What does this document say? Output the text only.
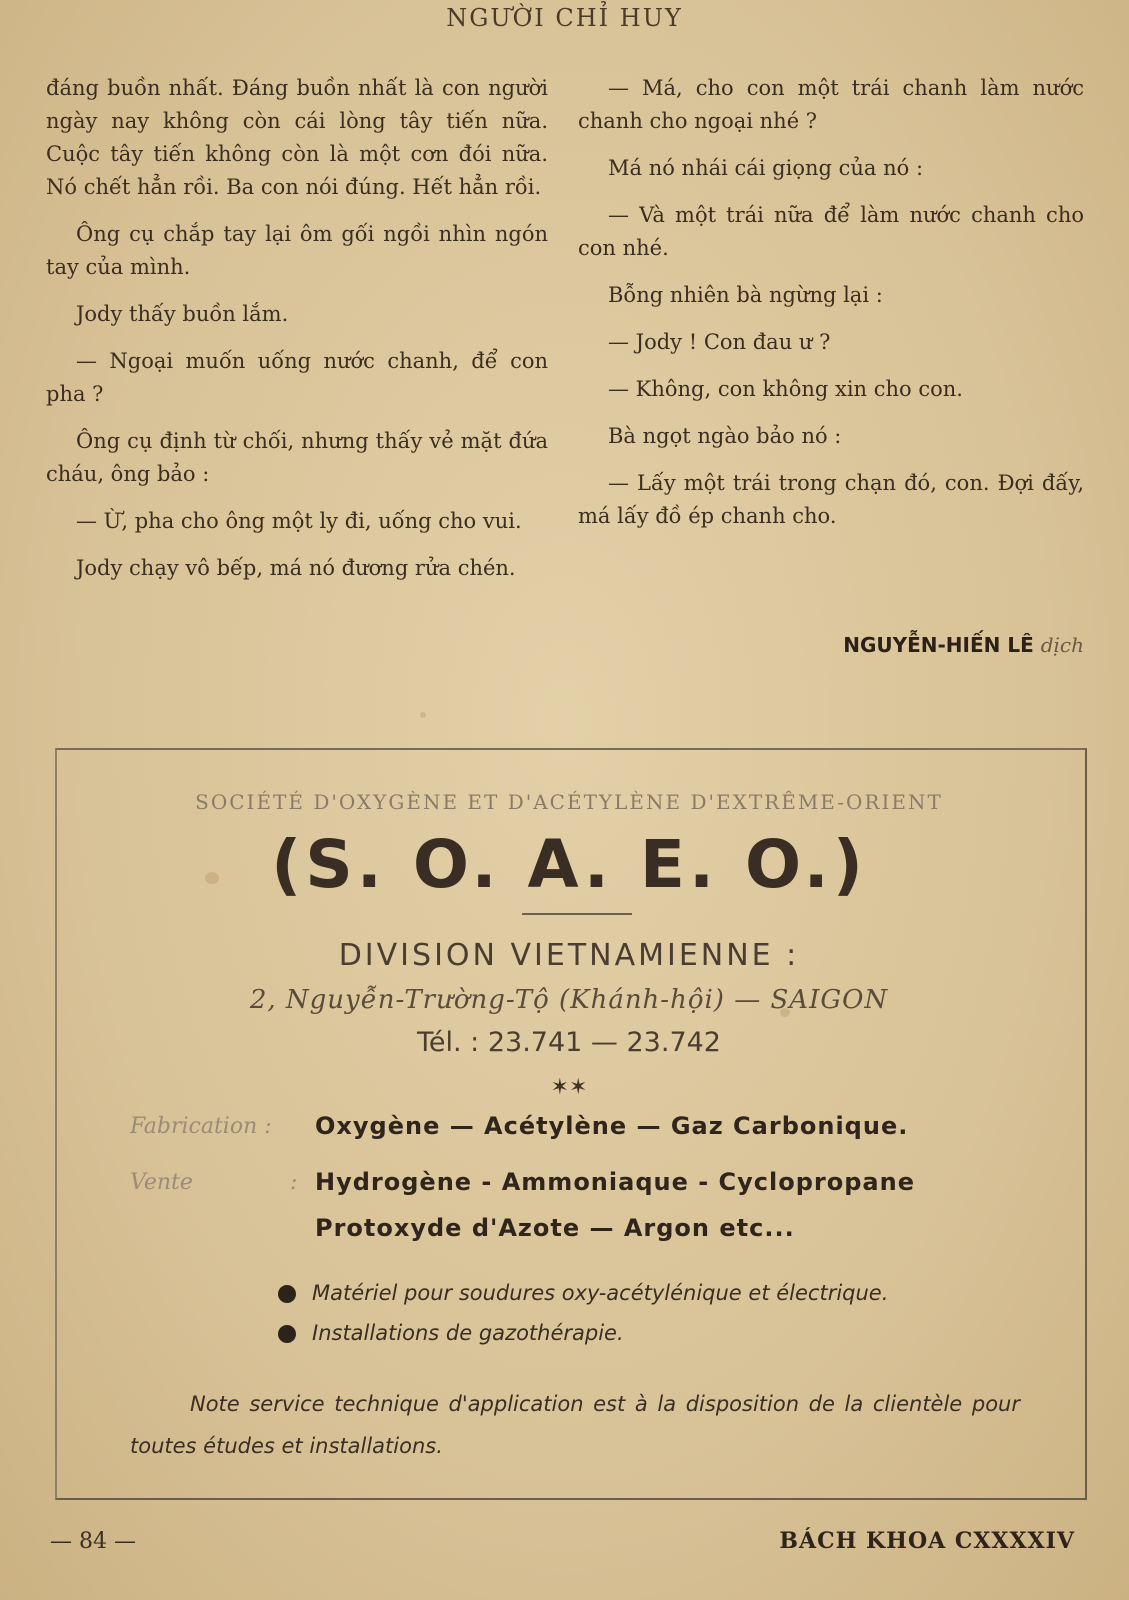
NGƯỜI CHỈ HUY

đáng buồn nhất. Đáng buồn nhất là con người ngày nay không còn cái lòng tây tiến nữa. Cuộc tây tiến không còn là một cơn đói nữa. Nó chết hẳn rồi. Ba con nói đúng. Hết hẳn rồi.

Ông cụ chắp tay lại ôm gối ngồi nhìn ngón tay của mình.

Jody thấy buồn lắm.

— Ngoại muốn uống nước chanh, để con pha ?

Ông cụ định từ chối, nhưng thấy vẻ mặt đứa cháu, ông bảo :

— Ừ, pha cho ông một ly đi, uống cho vui.

Jody chạy vô bếp, má nó đương rửa chén.

— Má, cho con một trái chanh làm nước chanh cho ngoại nhé ?

Má nó nhái cái giọng của nó :

— Và một trái nữa để làm nước chanh cho con nhé.

Bỗng nhiên bà ngừng lại :

— Jody ! Con đau ư ?

— Không, con không xin cho con.

Bà ngọt ngào bảo nó :

— Lấy một trái trong chạn đó, con. Đợi đấy, má lấy đồ ép chanh cho.

NGUYỄN-HIẾN LÊ dịch
SOCIÉTÉ D'OXYGÈNE ET D'ACÉTYLÈNE D'EXTRÊME-ORIENT
(S. O. A. E. O.)
DIVISION VIETNAMIENNE :
2, Nguyễn-Trường-Tộ (Khánh-hội) — SAIGON
Tél. : 23.741 — 23.742
✶✶
Fabrication : Oxygène — Acétylène — Gaz Carbonique.
Vente	: Hydrogène - Ammoniaque - Cyclopropane
Protoxyde d'Azote — Argon etc...
Matériel pour soudures oxy-acétylénique et électrique.
Installations de gazothérapie.
Note service technique d'application est à la disposition de la clientèle pour toutes études et installations.
— 84 —	BÁCH KHOA CXXXXIV
